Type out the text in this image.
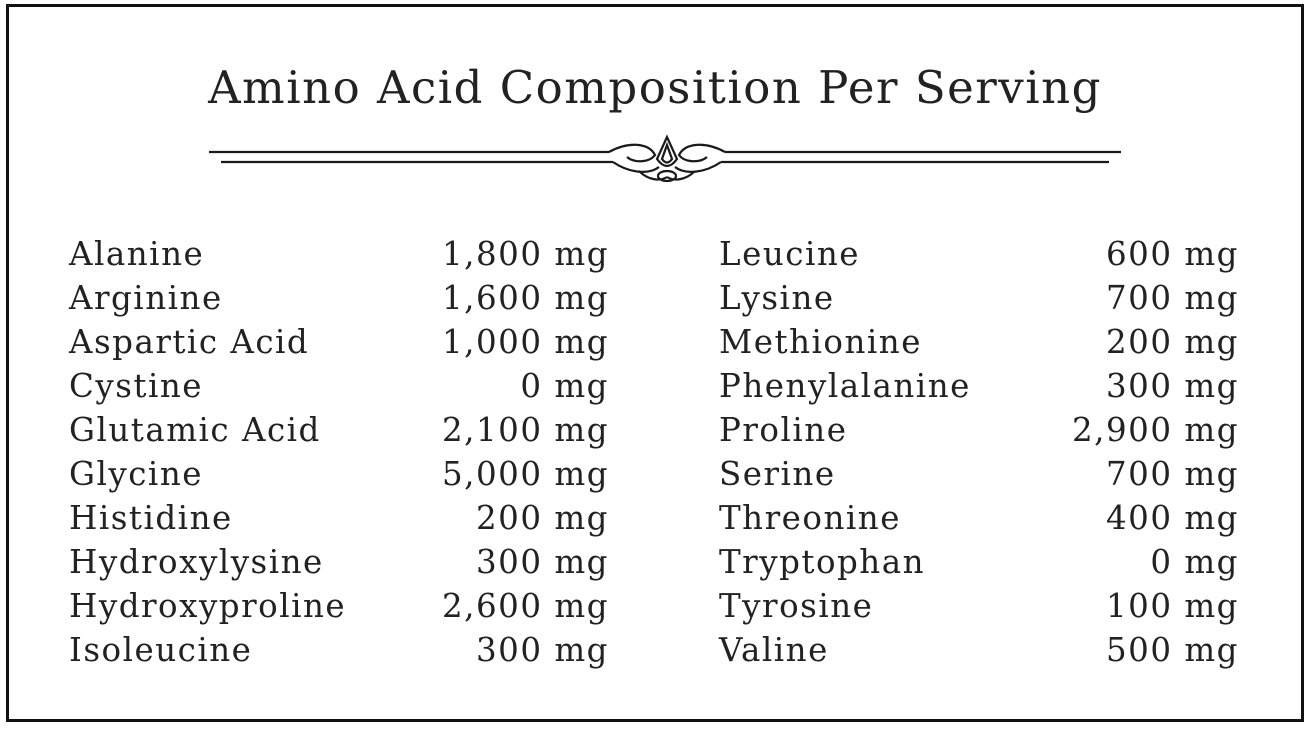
Amino Acid Composition Per Serving
Alanine	1,800 mg
Arginine	1,600 mg
Aspartic Acid	1,000 mg
Cystine	0 mg
Glutamic Acid	2,100 mg
Glycine	5,000 mg
Histidine	200 mg
Hydroxylysine	300 mg
Hydroxyproline	2,600 mg
Isoleucine	300 mg
Leucine	600 mg
Lysine	700 mg
Methionine	200 mg
Phenylalanine	300 mg
Proline	2,900 mg
Serine	700 mg
Threonine	400 mg
Tryptophan	0 mg
Tyrosine	100 mg
Valine	500 mg
